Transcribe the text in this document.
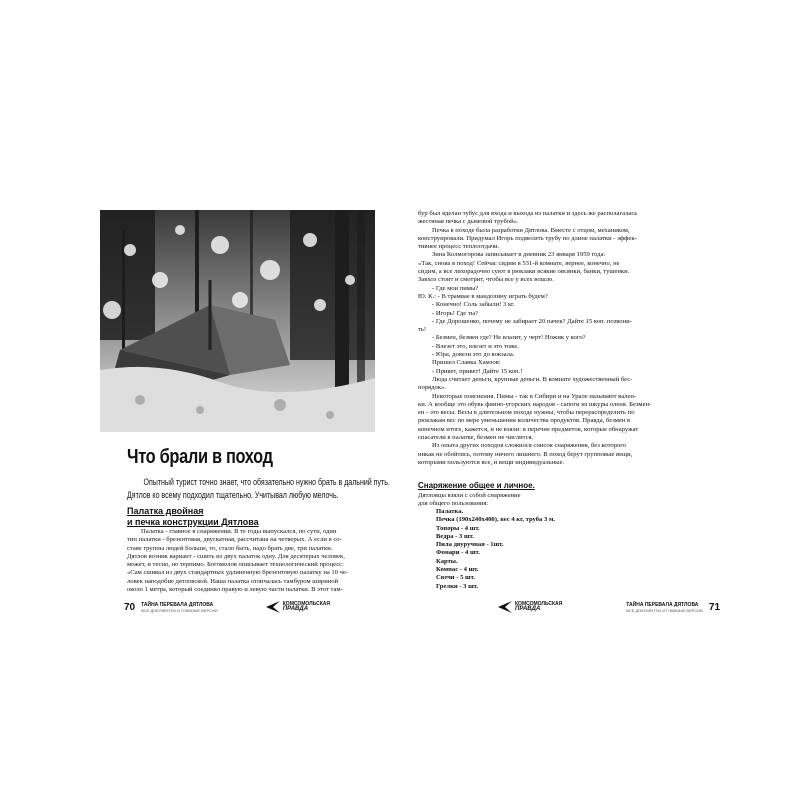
Что брали в поход

Опытный турист точно знает, что обязательно нужно брать в дальний путь.
Дятлов ко всему подходил тщательно. Учитывал любую мелочь.

Палатка двойная
и печка конструкции Дятлова

Палатка - главное в снаряжении. В те годы выпускался, по сути, один
тип палатки - брезентовая, двускатная, рассчитана на четверых. А если в со-
ставе группы людей больше, то, стало быть, надо брать две, три палатки.
Дятлов возник вариант - сшить из двух палаток одну. Для десятерых человек,
может, и тесно, но терпимо. Богомолов описывает технологический процесс:
«Сам сшивал из двух стандартных удлиненную брезентовую палатку на 10 че-
ловек наподобие дятловской. Наша палатка отличалась тамбуром шириной
около 1 метра, который соединял правую и левую части палатки. В этот там-

70 ТАЙНА ПЕРЕВАЛА ДЯТЛОВА
ВСЕ ДОКУМЕНТЫ И ГЛАВНЫЕ ВЕРСИИ
КОМСОМОЛЬСКАЯ
ПРАВДА

бур был вделан тубус для входа и выхода из палатки и здесь же располагалась
жестяная печка с дымовой трубой».
Печка в походе была разработки Дятлова. Вместе с отцом, механиком,
конструировали. Придумал Игорь подвесить трубу по длине палатки - эффек-
тивнее процесс теплоотдачи.
Зина Колмогорова записывает в дневник 23 января 1959 года:
«Так, снова в поход! Сейчас сидим в 531-й комнате, вернее, конечно, не
сидим, а все лихорадочно суют в рюкзаки всякие овсянки, банки, тушенки.
Завхоз стоит и смотрит, чтобы все у всех вошло.
- Где мои пимы?
Ю. К.: - В трамвае в мандолину играть будем?
- Конечно! Соль забыли! 3 кг.
- Игорь! Где ты?
- Где Дорошенко, почему не забирает 20 пачек? Дайте 15 коп. позвони-
ть!
- Безмен, безмен где? Не влазит, у черт! Ножик у кого?
- Влезет это, влезет и это тоже.
- Юра, довези это до вокзала.
Пришел Славка Хамзов:
- Привет, привет! Дайте 15 коп.!
Люда считает деньги, крупные деньги. В комнате художественный бес-
порядок».
Некоторые пояснения. Пимы - так в Сибири и на Урале называют вален-
ки. А вообще это обувь финно-угорских народов - сапоги из шкуры оленя. Безмен-
ен - это весы. Весы в длительном походе нужны, чтобы перераспределить по
рюкзакам вес по мере уменьшения количества продуктов. Правда, безмен в
конечном итоге, кажется, и не взяли: в перечне предметов, которые обнаружат
спасатели в палатке, безмен не числится.
Из опыта других походов сложился список снаряжения, без которого
никак не обойтись, потому ничего лишнего. В поход берут групповые вещи,
которыми пользуются все, и вещи индивидуальные.

Снаряжение общее и личное.
Дятловцы взяли с собой снаряжение
для общего пользования:
Палатка.
Печка (190x240x400), вес 4 кг, труба 3 м.
Топоры - 4 шт.
Ведра - 3 шт.
Пила двуручная - 1шт.
Фонари - 4 шт.
Карты.
Компас - 4 шт.
Свечи - 5 шт.
Грелки - 3 шт.
КОМСОМОЛЬСКАЯ
ПРАВДА
ТАЙНА ПЕРЕВАЛА ДЯТЛОВА
ВСЕ ДОКУМЕНТЫ И ГЛАВНЫЕ ВЕРСИИ 71
